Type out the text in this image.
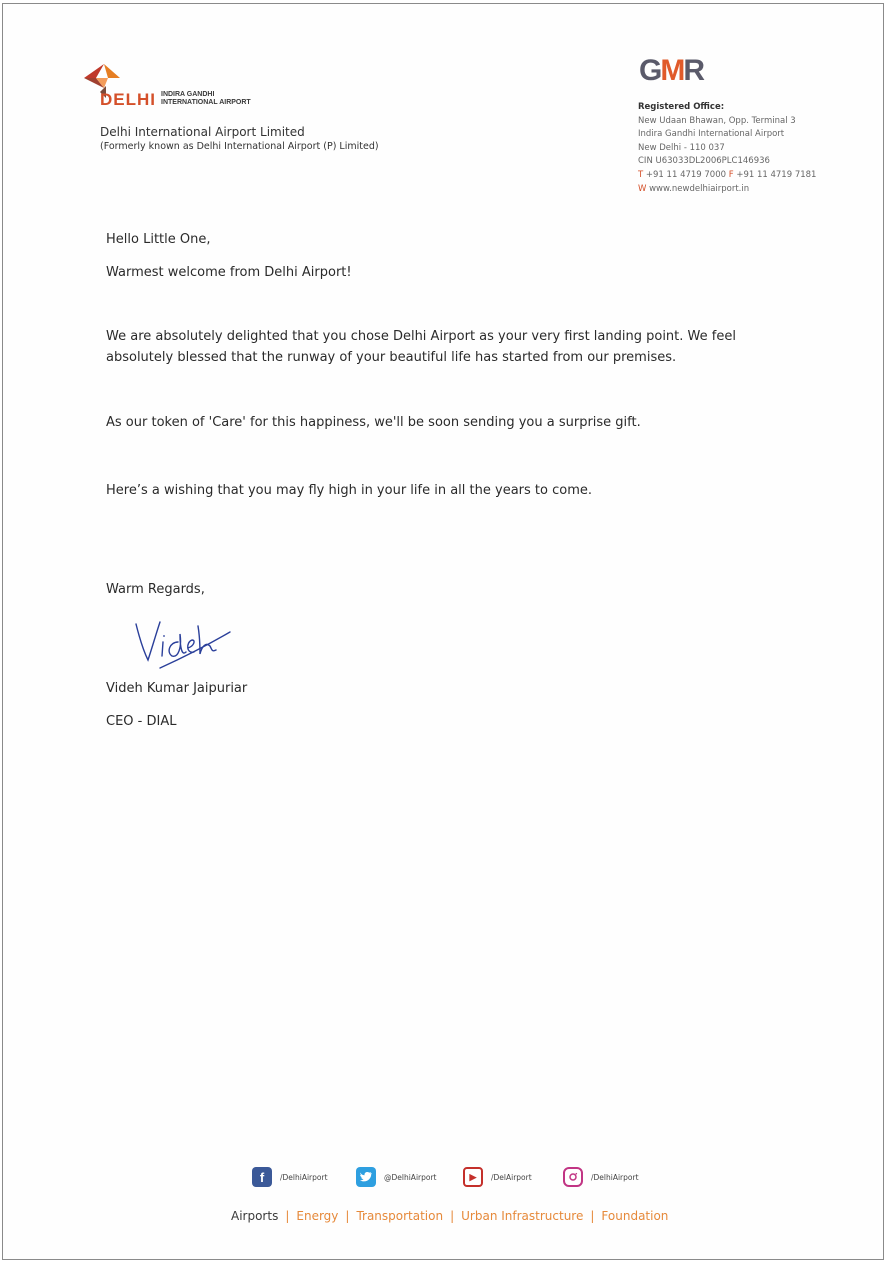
DELHI INDIRA GANDHI
INTERNATIONAL AIRPORT
Delhi International Airport Limited
(Formerly known as Delhi International Airport (P) Limited)
GMR
Registered Office:
New Udaan Bhawan, Opp. Terminal 3
Indira Gandhi International Airport
New Delhi - 110 037
CIN U63033DL2006PLC146936
T +91 11 4719 7000 F +91 11 4719 7181
W www.newdelhiairport.in

Hello Little One,

Warmest welcome from Delhi Airport!

We are absolutely delighted that you chose Delhi Airport as your very first landing point. We feel absolutely blessed that the runway of your beautiful life has started from our premises.

As our token of 'Care' for this happiness, we'll be soon sending you a surprise gift.

Here’s a wishing that you may fly high in your life in all the years to come.

Warm Regards,

Videh Kumar Jaipuriar

CEO - DIAL

f	/DelhiAirport	@DelhiAirport	▶	/DelAirport	/DelhiAirport
Airports | Energy | Transportation | Urban Infrastructure | Foundation
